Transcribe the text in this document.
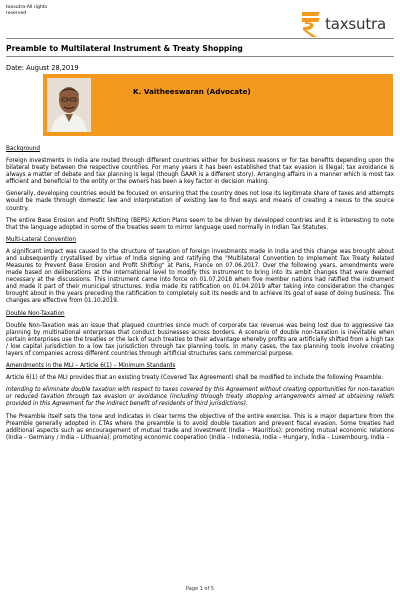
taxsutra-All rights reserved
taxsutra
Preamble to Multilateral Instrument & Treaty Shopping
Date: August 28,2019
K. Vaitheeswaran (Advocate)
Background

Foreign Investments in India are routed through different countries either for business reasons or for tax benefits depending upon the bilateral treaty between the respective countries. For many years it has been established that tax evasion is illegal; tax avoidance is always a matter of debate and tax planning is legal (though GAAR is a different story). Arranging affairs in a manner which is most tax efficient and beneficial to the entity or the owners has been a key factor in decision making.

Generally, developing countries would be focused on ensuring that the country does not lose its legitimate share of taxes and attempts would be made through domestic law and interpretation of existing law to find ways and means of creating a nexus to the source country.

The entire Base Erosion and Profit Shifting (BEPS) Action Plans seem to be driven by developed countries and it is interesting to note that the language adopted in some of the treaties seem to mirror language used normally in Indian Tax Statutes.

Multi-Lateral Convention

A significant impact was caused to the structure of taxation of foreign investments made in India and this change was brought about and subsequently crystallised by virtue of India signing and ratifying the "Multilateral Convention to Implement Tax Treaty Related Measures to Prevent Base Erosion and Profit Shifting" at Paris, France on 07.06.2017. Over the following years, amendments were made based on deliberations at the international level to modify this instrument to bring into its ambit changes that were deemed necessary at the discussions. This instrument came into force on 01.07.2018 when five member nations had ratified the instrument and made it part of their municipal structures. India made its ratification on 01.04.2019 after taking into consideration the changes brought about in the years preceding the ratification to completely suit its needs and to achieve its goal of ease of doing business. The changes are effective from 01.10.2019.

Double Non-Taxation

Double Non-Taxation was an issue that plagued countries since much of corporate tax revenue was being lost due to aggressive tax planning by multinational enterprises that conduct businesses across borders. A scenario of double non-taxation is inevitable when certain enterprises use the treaties or the lack of such treaties to their advantage whereby profits are artificially shifted from a high tax / low capital jurisdiction to a low tax jurisdiction through tax planning tools. In many cases, the tax planning tools involve creating layers of companies across different countries through artificial structures sans commercial purpose.

Amendments in the MLI – Article 6(1) – Minimum Standards

Article 6(1) of the MLI provides that an existing treaty (Covered Tax Agreement) shall be modified to include the following Preamble:

Intending to eliminate double taxation with respect to taxes covered by this Agreement without creating opportunities for non-taxation or reduced taxation through tax evasion or avoidance (including through treaty shopping arrangements aimed at obtaining reliefs provided in this Agreement for the indirect benefit of residents of third jurisdictions).

The Preamble itself sets the tone and indicates in clear terms the objective of the entire exercise. This is a major departure from the Preamble generally adopted in CTAs where the preamble is to avoid double taxation and prevent fiscal evasion. Some treaties had additional aspects such as encouragement of mutual trade and investment (India – Mauritius); promoting mutual economic relations (India – Germany / India – Lithuania); promoting economic cooperation (India – Indonesia, India – Hungary, India – Luxembourg, India –

Page 1 of 5
